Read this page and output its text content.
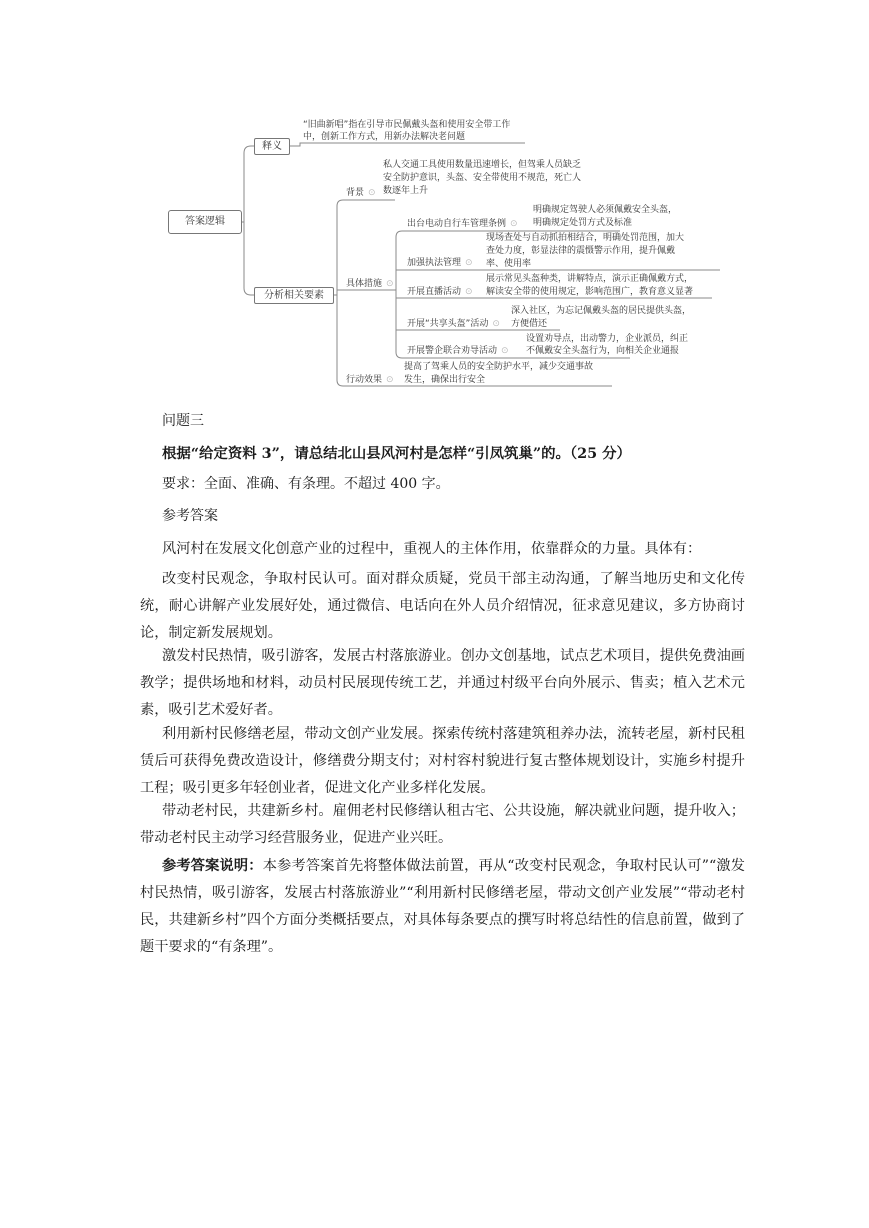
答案逻辑
释义
“旧曲新唱”指在引导市民佩戴头盔和使用安全带工作
中，创新工作方式，用新办法解决老问题
分析相关要素
背景 ⊙
私人交通工具使用数量迅速增长，但驾乘人员缺乏
安全防护意识，头盔、安全带使用不规范，死亡人
数逐年上升
具体措施 ⊙
出台电动自行车管理条例 ⊙
明确规定驾驶人必须佩戴安全头盔，
明确规定处罚方式及标准
加强执法管理 ⊙
现场查处与自动抓拍相结合，明确处罚范围，加大
查处力度，彰显法律的震慑警示作用，提升佩戴
率、使用率
开展直播活动 ⊙
展示常见头盔种类，讲解特点，演示正确佩戴方式，
解读安全带的使用规定，影响范围广，教育意义显著
开展“共享头盔”活动 ⊙
深入社区，为忘记佩戴头盔的居民提供头盔，
方便借还
开展警企联合劝导活动 ⊙
设置劝导点，出动警力，企业派员，纠正
不佩戴安全头盔行为，向相关企业通报
行动效果 ⊙
提高了驾乘人员的安全防护水平，减少交通事故
发生，确保出行安全
问题三
根据“给定资料 3”，请总结北山县风河村是怎样“引凤筑巢”的。（25 分）
要求：全面、准确、有条理。不超过 400 字。
参考答案
风河村在发展文化创意产业的过程中，重视人的主体作用，依靠群众的力量。具体有：
改变村民观念，争取村民认可。面对群众质疑，党员干部主动沟通，了解当地历史和文化传统，耐心讲解产业发展好处，通过微信、电话向在外人员介绍情况，征求意见建议，多方协商讨论，制定新发展规划。
激发村民热情，吸引游客，发展古村落旅游业。创办文创基地，试点艺术项目，提供免费油画教学；提供场地和材料，动员村民展现传统工艺，并通过村级平台向外展示、售卖；植入艺术元素，吸引艺术爱好者。
利用新村民修缮老屋，带动文创产业发展。探索传统村落建筑租养办法，流转老屋，新村民租赁后可获得免费改造设计，修缮费分期支付；对村容村貌进行复古整体规划设计，实施乡村提升工程；吸引更多年轻创业者，促进文化产业多样化发展。
带动老村民，共建新乡村。雇佣老村民修缮认租古宅、公共设施，解决就业问题，提升收入；带动老村民主动学习经营服务业，促进产业兴旺。
参考答案说明：本参考答案首先将整体做法前置，再从“改变村民观念，争取村民认可”“激发村民热情，吸引游客，发展古村落旅游业”“利用新村民修缮老屋，带动文创产业发展”“带动老村民，共建新乡村”四个方面分类概括要点，对具体每条要点的撰写时将总结性的信息前置，做到了题干要求的“有条理”。
